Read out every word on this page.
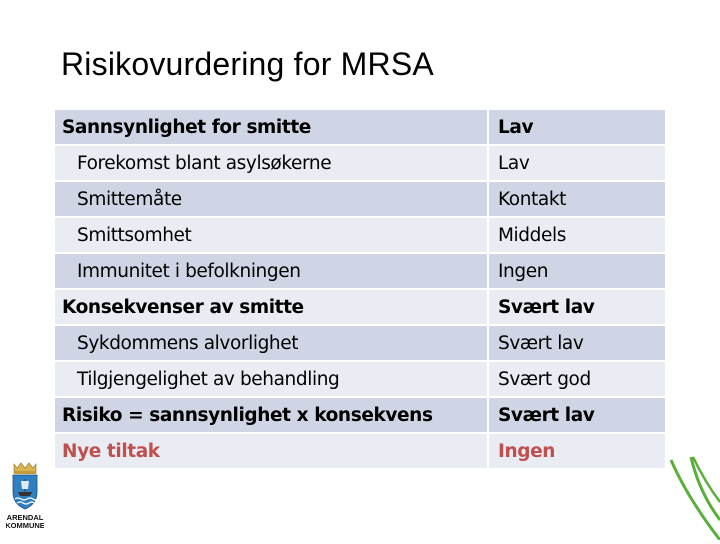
Risikovurdering for MRSA
Sannsynlighet for smitte	Lav
Forekomst blant asylsøkerne	Lav
Smittemåte	Kontakt
Smittsomhet	Middels
Immunitet i befolkningen	Ingen
Konsekvenser av smitte	Svært lav
Sykdommens alvorlighet	Svært lav
Tilgjengelighet av behandling	Svært god
Risiko = sannsynlighet x konsekvens	Svært lav
Nye tiltak	Ingen
ARENDAL
KOMMUNE
